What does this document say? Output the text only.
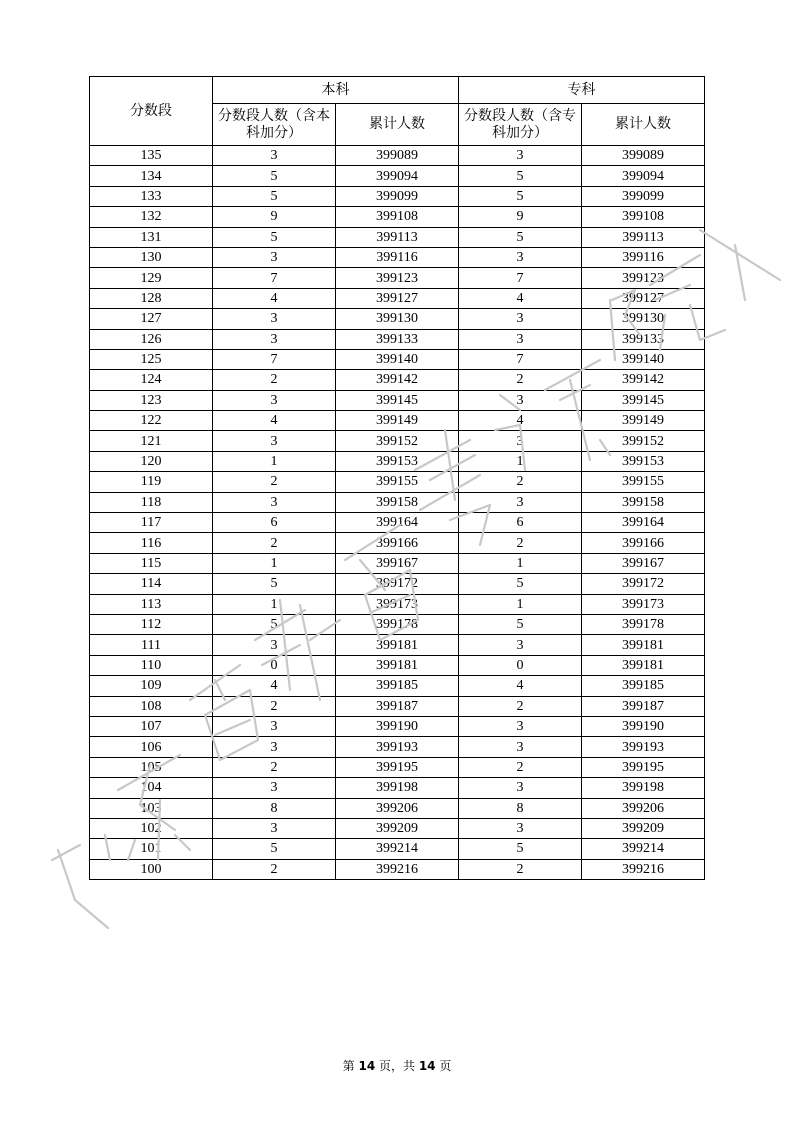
分数段	本科		专科	
	分数段人数（含本科加分）	累计人数	分数段人数（含专科加分）	累计人数
135	3	399089	3	399089
134	5	399094	5	399094
133	5	399099	5	399099
132	9	399108	9	399108
131	5	399113	5	399113
130	3	399116	3	399116
129	7	399123	7	399123
128	4	399127	4	399127
127	3	399130	3	399130
126	3	399133	3	399133
125	7	399140	7	399140
124	2	399142	2	399142
123	3	399145	3	399145
122	4	399149	4	399149
121	3	399152	3	399152
120	1	399153	1	399153
119	2	399155	2	399155
118	3	399158	3	399158
117	6	399164	6	399164
116	2	399166	2	399166
115	1	399167	1	399167
114	5	399172	5	399172
113	1	399173	1	399173
112	5	399178	5	399178
111	3	399181	3	399181
110	0	399181	0	399181
109	4	399185	4	399185
108	2	399187	2	399187
107	3	399190	3	399190
106	3	399193	3	399193
105	2	399195	2	399195
104	3	399198	3	399198
103	8	399206	8	399206
102	3	399209	3	399209
101	5	399214	5	399214
100	2	399216	2	399216
第 14 页，共 14 页
